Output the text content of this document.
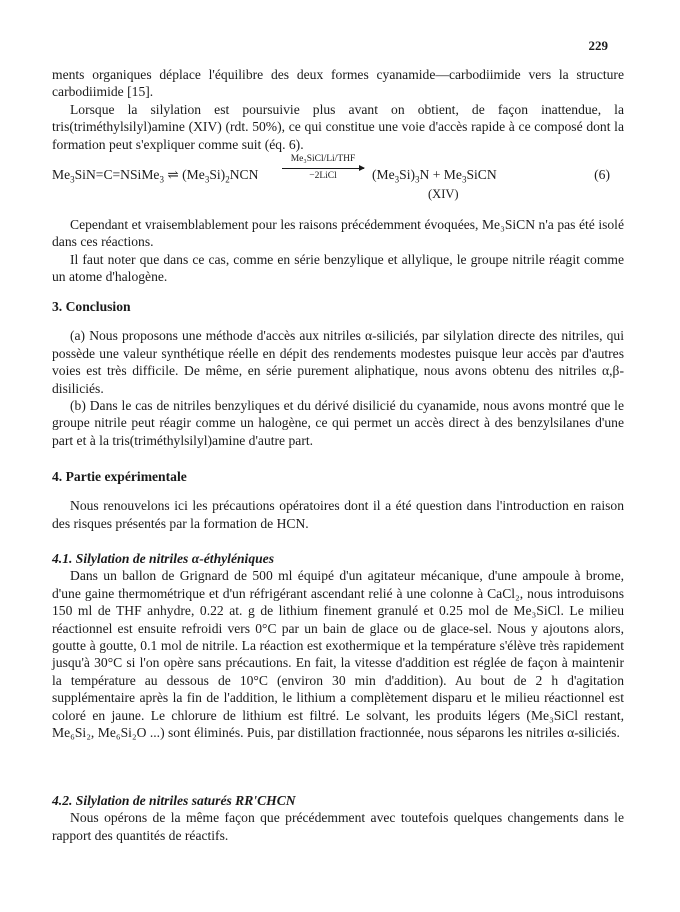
229

ments organiques déplace l'équilibre des deux formes cyanamide—carbodiimide vers la structure carbodiimide [15].

Lorsque la silylation est poursuivie plus avant on obtient, de façon inattendue, la tris(triméthylsilyl)amine (XIV) (rdt. 50%), ce qui constitue une voie d'accès rapide à ce composé dont la formation peut s'expliquer comme suit (éq. 6).

$Me_3SiN=C=NSiMe_3$ ⇌ $(Me_3Si)_2NCN$
Me₃SiCl/Li/THF
−2LiCl	$(Me_3Si)_3N$ + $Me_3SiCN$	(6)
(XIV)

Cependant et vraisemblablement pour les raisons précédemment évoquées, Me₃SiCN n'a pas été isolé dans ces réactions.

Il faut noter que dans ce cas, comme en série benzylique et allylique, le groupe nitrile réagit comme un atome d'halogène.

3. Conclusion

(a) Nous proposons une méthode d'accès aux nitriles α-siliciés, par silylation directe des nitriles, qui possède une valeur synthétique réelle en dépit des rendements modestes puisque leur accès par d'autres voies est très difficile. De même, en série purement aliphatique, nous avons obtenu des nitriles α,β-disiliciés.

(b) Dans le cas de nitriles benzyliques et du dérivé disilicié du cyanamide, nous avons montré que le groupe nitrile peut réagir comme un halogène, ce qui permet un accès direct à des benzylsilanes d'une part et à la tris(triméthylsilyl)amine d'autre part.

4. Partie expérimentale

Nous renouvelons ici les précautions opératoires dont il a été question dans l'introduction en raison des risques présentés par la formation de HCN.

4.1. Silylation de nitriles α-éthyléniques

Dans un ballon de Grignard de 500 ml équipé d'un agitateur mécanique, d'une ampoule à brome, d'une gaine thermométrique et d'un réfrigérant ascendant relié à une colonne à CaCl₂, nous introduisons 150 ml de THF anhydre, 0.22 at. g de lithium finement granulé et 0.25 mol de Me₃SiCl. Le milieu réactionnel est ensuite refroidi vers 0°C par un bain de glace ou de glace-sel. Nous y ajoutons alors, goutte à goutte, 0.1 mol de nitrile. La réaction est exothermique et la température s'élève très rapidement jusqu'à 30°C si l'on opère sans précautions. En fait, la vitesse d'addition est réglée de façon à maintenir la température au dessous de 10°C (environ 30 min d'addition). Au bout de 2 h d'agitation supplémentaire après la fin de l'addition, le lithium a complètement disparu et le milieu réactionnel est coloré en jaune. Le chlorure de lithium est filtré. Le solvant, les produits légers (Me₃SiCl restant, Me₆Si₂, Me₆Si₂O ...) sont éliminés. Puis, par distillation fractionnée, nous séparons les nitriles α-siliciés.

4.2. Silylation de nitriles saturés RR'CHCN

Nous opérons de la même façon que précédemment avec toutefois quelques changements dans le rapport des quantités de réactifs.
